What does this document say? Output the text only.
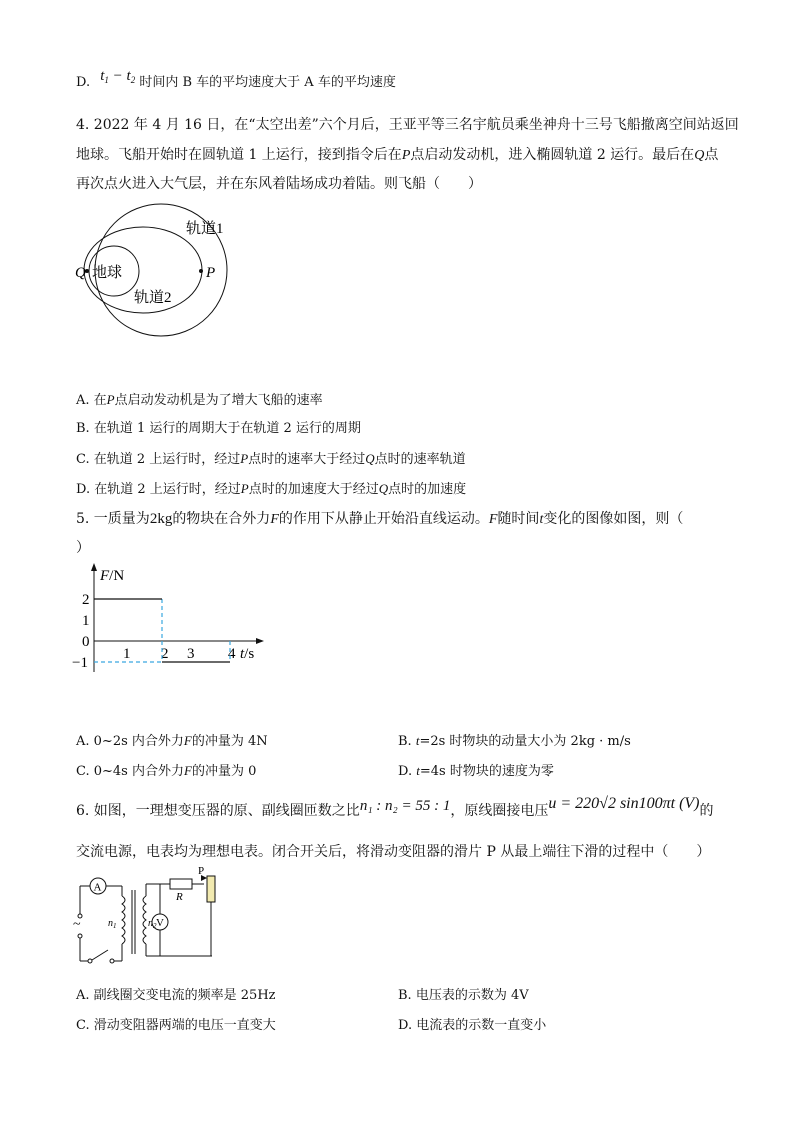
D. $t_1 - t_2$ 时间内 B 车的平均速度大于 A 车的平均速度
4. 2022 年 4 月 16 日，在“太空出差”六个月后，王亚平等三名宇航员乘坐神舟十三号飞船撤离空间站返回
地球。飞船开始时在圆轨道 1 上运行，接到指令后在P点启动发动机，进入椭圆轨道 2 运行。最后在Q点
再次点火进入大气层，并在东风着陆场成功着陆。则飞船（　　）
轨道1
轨道2
地球
Q	P
A. 在P点启动发动机是为了增大飞船的速率
B. 在轨道 1 运行的周期大于在轨道 2 运行的周期
C. 在轨道 2 上运行时，经过P点时的速率大于经过Q点时的速率轨道
D. 在轨道 2 上运行时，经过P点时的加速度大于经过Q点时的加速度
5. 一质量为2kg的物块在合外力F的作用下从静止开始沿直线运动。F随时间t变化的图像如图，则（
）
F/N
t/s
2
1
0
−1
1 2 3 4
A. 0~2s 内合外力F的冲量为 4N	B. t=2s 时物块的动量大小为 2kg · m/s
C. 0~4s 内合外力F的冲量为 0	D. t=4s 时物块的速度为零
6. 如图，一理想变压器的原、副线圈匝数之比n₁ : n₂ = 55 : 1，原线圈接电压u = 220√2 sin100πt (V)的
交流电源，电表均为理想电表。闭合开关后，将滑动变阻器的滑片 P 从最上端往下滑的过程中（　　）
A
~	$n_1$	$n_2$ V
R
P
A. 副线圈交变电流的频率是 25Hz	B. 电压表的示数为 4V
C. 滑动变阻器两端的电压一直变大	D. 电流表的示数一直变小
